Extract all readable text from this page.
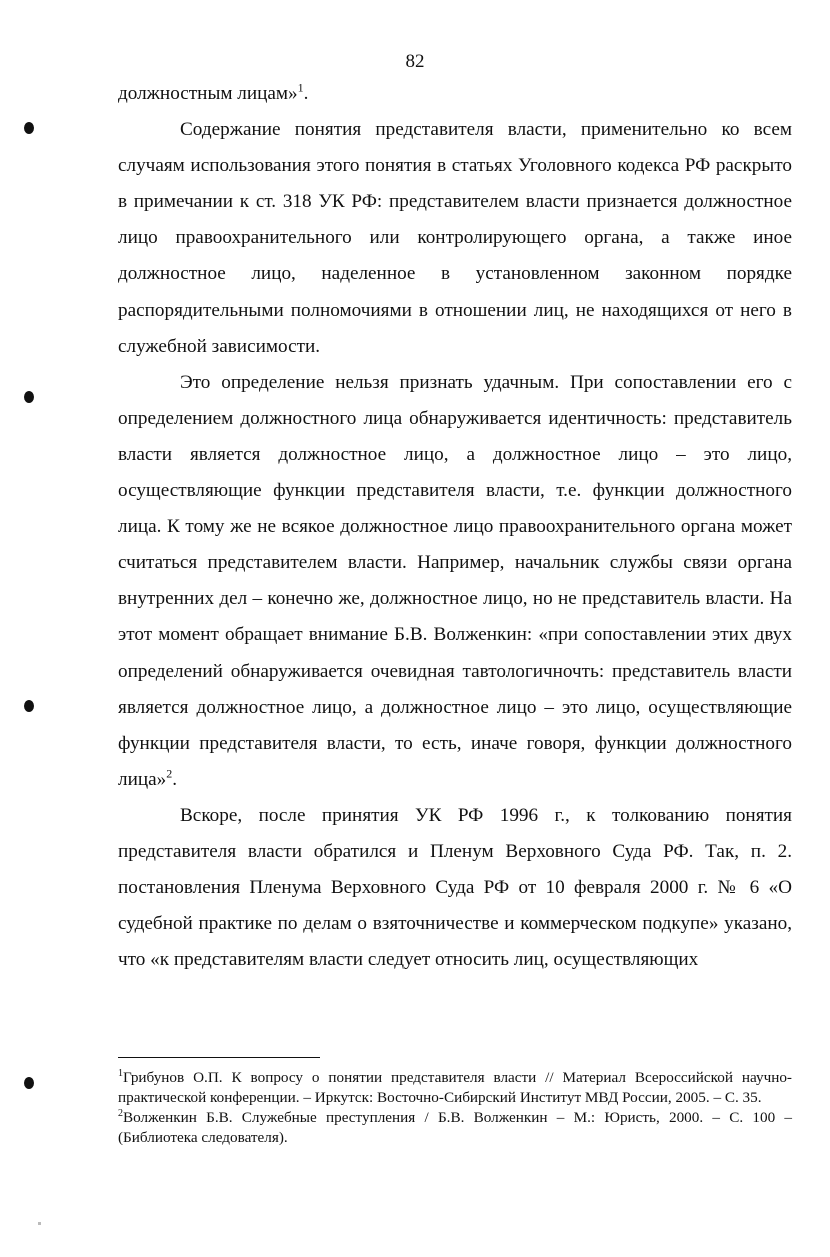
82

должностным лицам»$^1$.

Содержание понятия представителя власти, применительно ко всем случаям использования этого понятия в статьях Уголовного кодекса РФ раскрыто в примечании к ст. 318 УК РФ: представителем власти признается должностное лицо правоохранительного или контролирующего органа, а также иное должностное лицо, наделенное в установленном законном порядке распорядительными полномочиями в отношении лиц, не находящихся от него в служебной зависимости.

Это определение нельзя признать удачным. При сопоставлении его с определением должностного лица обнаруживается идентичность: представитель власти является должностное лицо, а должностное лицо – это лицо, осуществляющие функции представителя власти, т.е. функции должностного лица. К тому же не всякое должностное лицо правоохранительного органа может считаться представителем власти. Например, начальник службы связи органа внутренних дел – конечно же, должностное лицо, но не представитель власти. На этот момент обращает внимание Б.В. Волженкин: «при сопоставлении этих двух определений обнаруживается очевидная тавтологичночть: представитель власти является должностное лицо, а должностное лицо – это лицо, осуществляющие функции представителя власти, то есть, иначе говоря, функции должностного лица»$^2$.

Вскоре, после принятия УК РФ 1996 г., к толкованию понятия представителя власти обратился и Пленум Верховного Суда РФ. Так, п. 2. постановления Пленума Верховного Суда РФ от 10 февраля 2000 г. № 6 «О судебной практике по делам о взяточничестве и коммерческом подкупе» указано, что «к представителям власти следует относить лиц, осуществляющих

$^1$Грибунов О.П. К вопросу о понятии представителя власти // Материал Всероссийской научно-практической конференции. – Иркутск: Восточно-Сибирский Институт МВД России, 2005. – С. 35.

$^2$Волженкин Б.В. Служебные преступления / Б.В. Волженкин – М.: Юристь, 2000. – С. 100 – (Библиотека следователя).
